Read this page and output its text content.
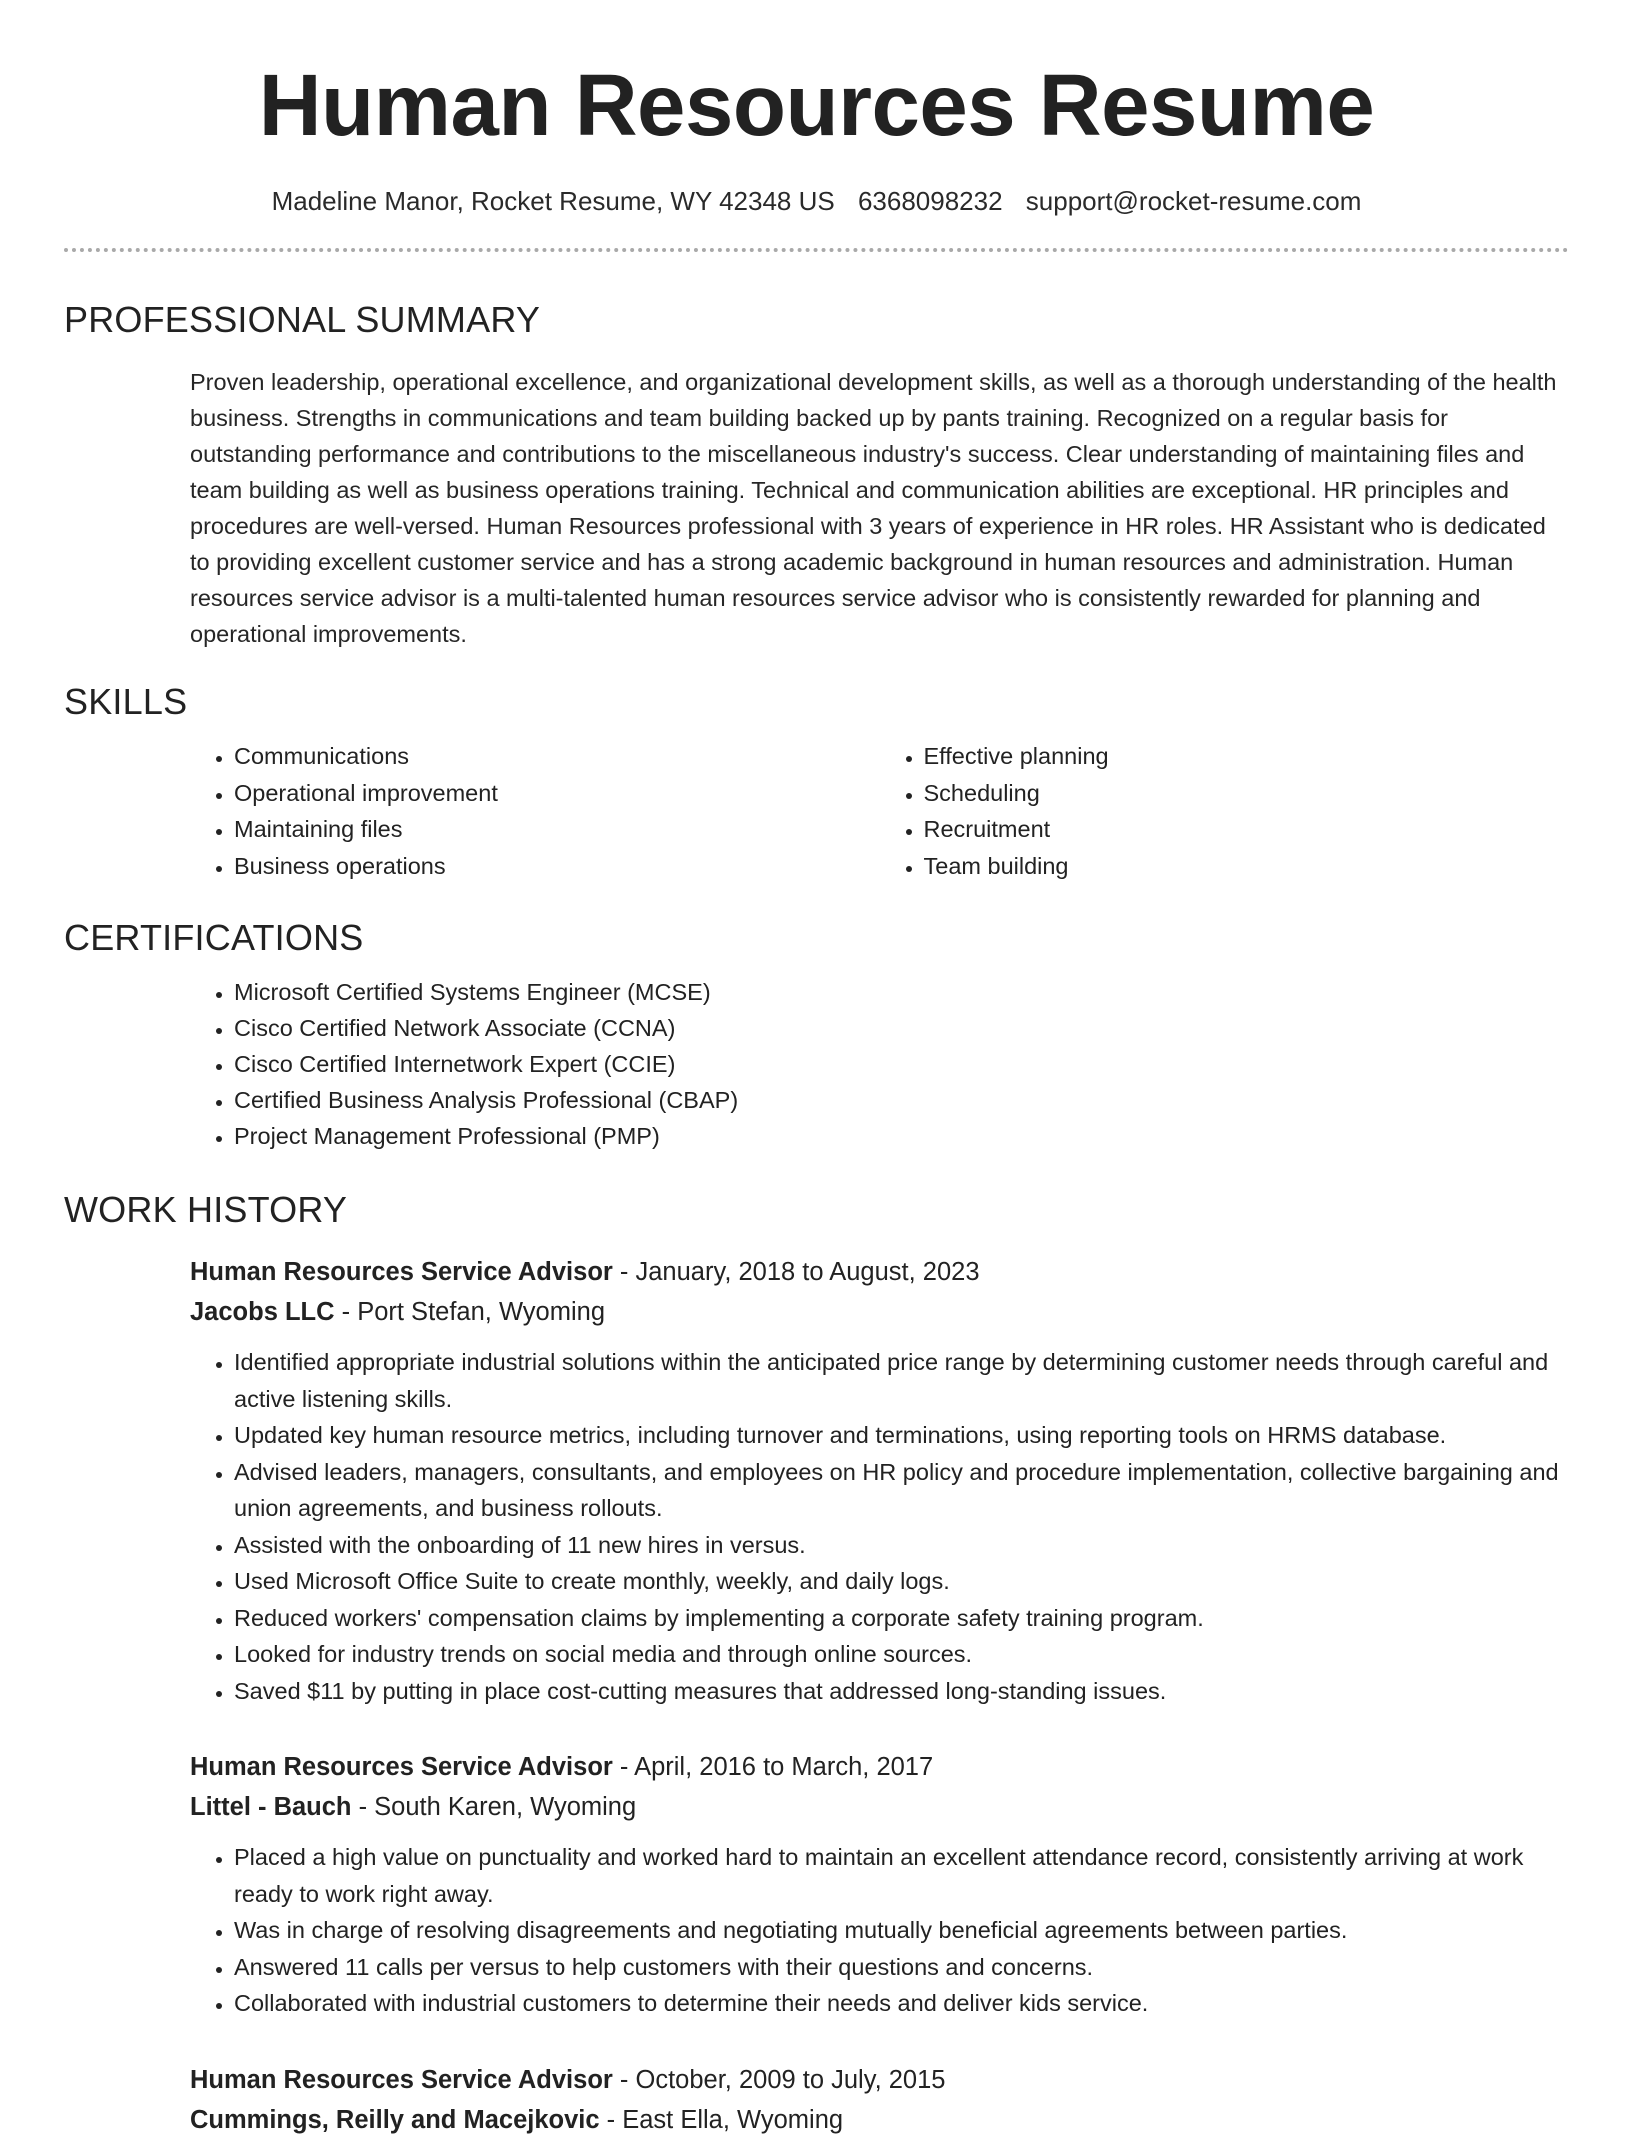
Human Resources Resume
Madeline Manor, Rocket Resume, WY 42348 US 6368098232 support@rocket-resume.com
PROFESSIONAL SUMMARY

Proven leadership, operational excellence, and organizational development skills, as well as a thorough understanding of the health business. Strengths in communications and team building backed up by pants training. Recognized on a regular basis for outstanding performance and contributions to the miscellaneous industry's success. Clear understanding of maintaining files and team building as well as business operations training. Technical and communication abilities are exceptional. HR principles and procedures are well-versed. Human Resources professional with 3 years of experience in HR roles. HR Assistant who is dedicated to providing excellent customer service and has a strong academic background in human resources and administration. Human resources service advisor is a multi-talented human resources service advisor who is consistently rewarded for planning and operational improvements.

SKILLS
• Communications
• Operational improvement
• Maintaining files
• Business operations
• Effective planning
• Scheduling
• Recruitment
• Team building
CERTIFICATIONS
• Microsoft Certified Systems Engineer (MCSE)
• Cisco Certified Network Associate (CCNA)
• Cisco Certified Internetwork Expert (CCIE)
• Certified Business Analysis Professional (CBAP)
• Project Management Professional (PMP)
WORK HISTORY
Human Resources Service Advisor - January, 2018 to August, 2023
Jacobs LLC - Port Stefan, Wyoming
• Identified appropriate industrial solutions within the anticipated price range by determining customer needs through careful and active listening skills.
• Updated key human resource metrics, including turnover and terminations, using reporting tools on HRMS database.
• Advised leaders, managers, consultants, and employees on HR policy and procedure implementation, collective bargaining and union agreements, and business rollouts.
• Assisted with the onboarding of 11 new hires in versus.
• Used Microsoft Office Suite to create monthly, weekly, and daily logs.
• Reduced workers' compensation claims by implementing a corporate safety training program.
• Looked for industry trends on social media and through online sources.
• Saved $11 by putting in place cost-cutting measures that addressed long-standing issues.
Human Resources Service Advisor - April, 2016 to March, 2017
Littel - Bauch - South Karen, Wyoming
• Placed a high value on punctuality and worked hard to maintain an excellent attendance record, consistently arriving at work ready to work right away.
• Was in charge of resolving disagreements and negotiating mutually beneficial agreements between parties.
• Answered 11 calls per versus to help customers with their questions and concerns.
• Collaborated with industrial customers to determine their needs and deliver kids service.
Human Resources Service Advisor - October, 2009 to July, 2015
Cummings, Reilly and Macejkovic - East Ella, Wyoming
